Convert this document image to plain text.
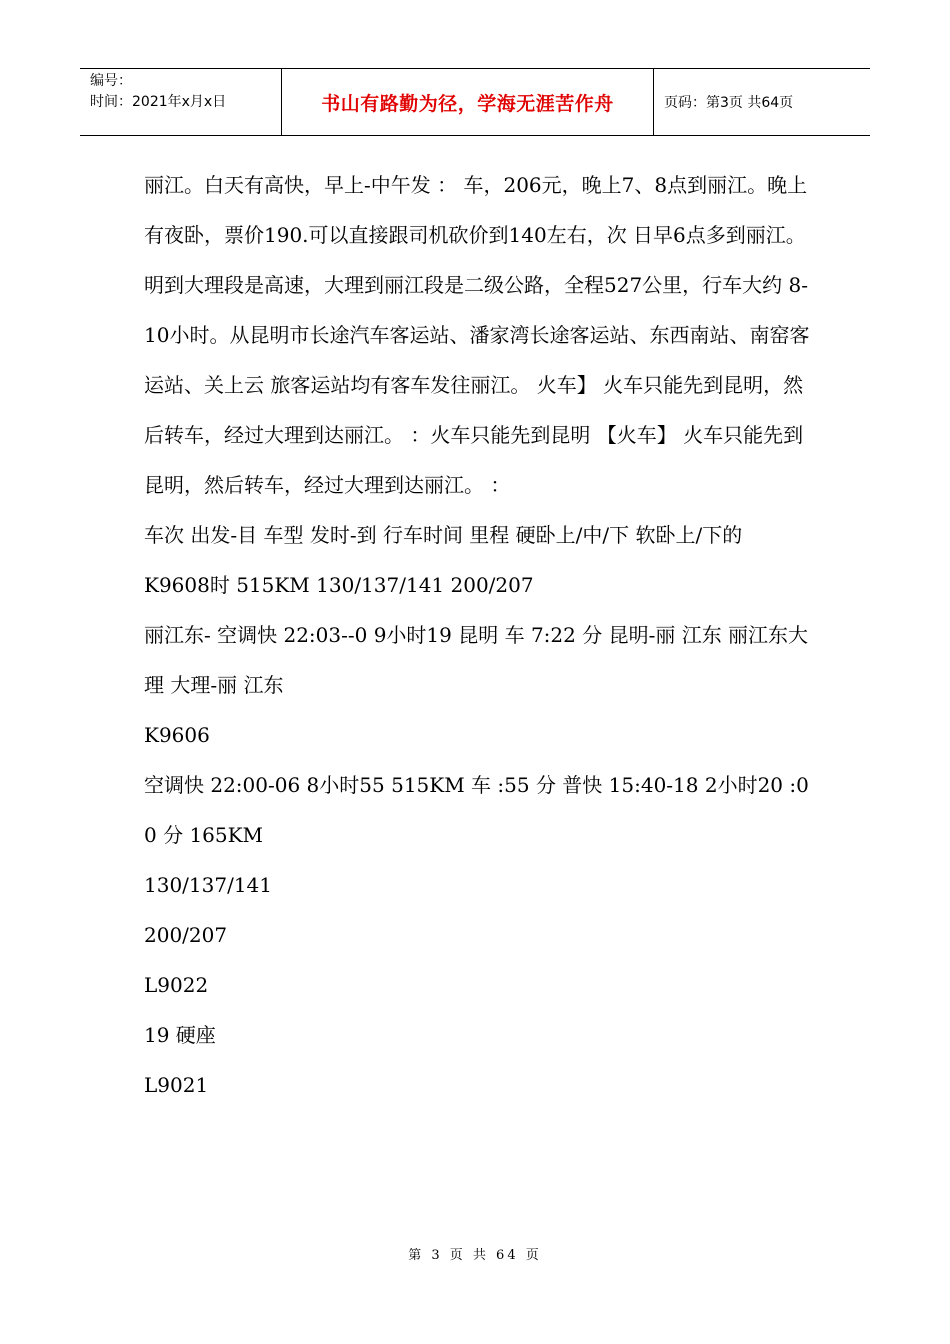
编号：
时间：2021年x月x日	书山有路勤为径，学海无涯苦作舟	页码：第3页 共64页

丽江。白天有高快，早上-中午发 ： 车，206元，晚上7、8点到丽江。晚上有夜卧，票价190.可以直接跟司机砍价到140左右，次 日早6点多到丽江。明到大理段是高速，大理到丽江段是二级公路，全程527公里，行车大约 8-10小时。从昆明市长途汽车客运站、潘家湾长途客运站、东西南站、南窑客运站、关上云 旅客运站均有客车发往丽江。 火车】 火车只能先到昆明，然后转车，经过大理到达丽江。 ：火车只能先到昆明 【火车】 火车只能先到昆明，然后转车，经过大理到达丽江。 ：

车次 出发-目 车型 发时-到 行车时间 里程 硬卧上/中/下 软卧上/下的

K9608时 515KM 130/137/141 200/207

丽江东- 空调快 22:03--0 9小时19 昆明 车 7:22 分 昆明-丽 江东 丽江东大理 大理-丽 江东

K9606

空调快 22:00-06 8小时55 515KM 车 :55 分 普快 15:40-18 2小时20 :00 分 165KM

130/137/141

200/207

L9022

19 硬座

L9021

第 3 页 共 64 页
